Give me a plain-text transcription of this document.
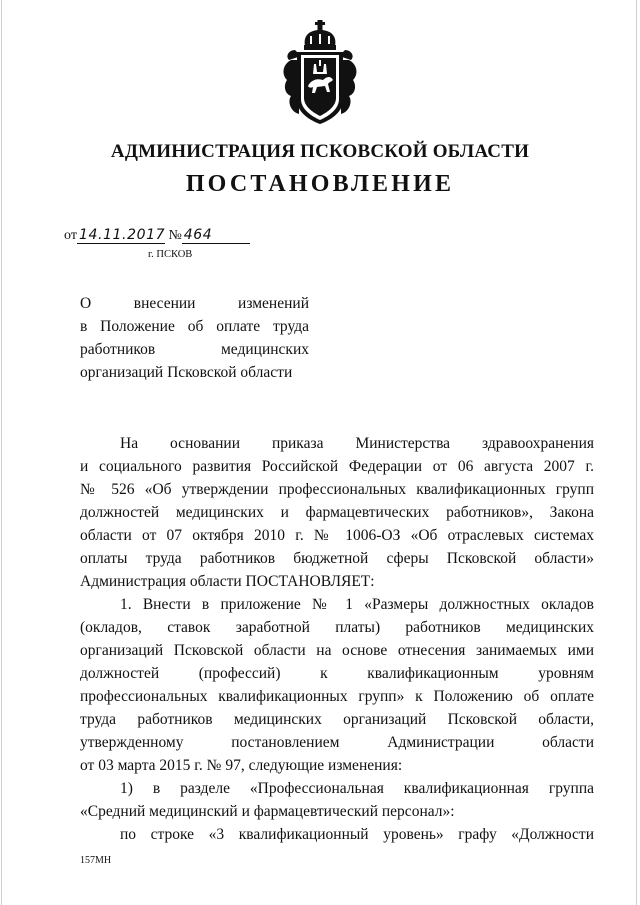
АДМИНИСТРАЦИЯ ПСКОВСКОЙ ОБЛАСТИ
ПОСТАНОВЛЕНИЕ
от 14.11.2017 № 464
г. ПСКОВ
О внесении изменений
в Положение об оплате труда
работников медицинских
организаций Псковской области
На основании приказа Министерства здравоохранения
и социального развития Российской Федерации от 06 августа 2007 г.
№ 526 «Об утверждении профессиональных квалификационных групп
должностей медицинских и фармацевтических работников», Закона
области от 07 октября 2010 г. № 1006-ОЗ «Об отраслевых системах
оплаты труда работников бюджетной сферы Псковской области»
Администрация области ПОСТАНОВЛЯЕТ:
1. Внести в приложение № 1 «Размеры должностных окладов
(окладов, ставок заработной платы) работников медицинских
организаций Псковской области на основе отнесения занимаемых ими
должностей (профессий) к квалификационным уровням
профессиональных квалификационных групп» к Положению об оплате
труда работников медицинских организаций Псковской области,
утвержденному постановлением Администрации области
от 03 марта 2015 г. № 97, следующие изменения:
1) в разделе «Профессиональная квалификационная группа
«Средний медицинский и фармацевтический персонал»:
по строке «3 квалификационный уровень» графу «Должности
157МН
